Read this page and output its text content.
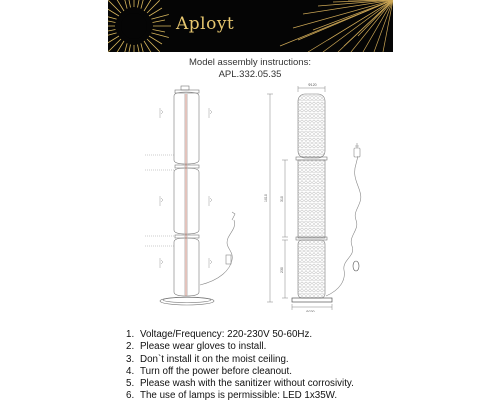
Aployt
Model assembly instructions:
APL.332.05.35
Φ120
Φ230
1010	310
230
1. Voltage/Frequency: 220-230V 50-60Hz.
2. Please wear gloves to install.
3. Don`t install it on the moist ceiling.
4. Turn off the power before cleanout.
5. Please wash with the sanitizer without corrosivity.
6. The use of lamps is permissible: LED 1x35W.
